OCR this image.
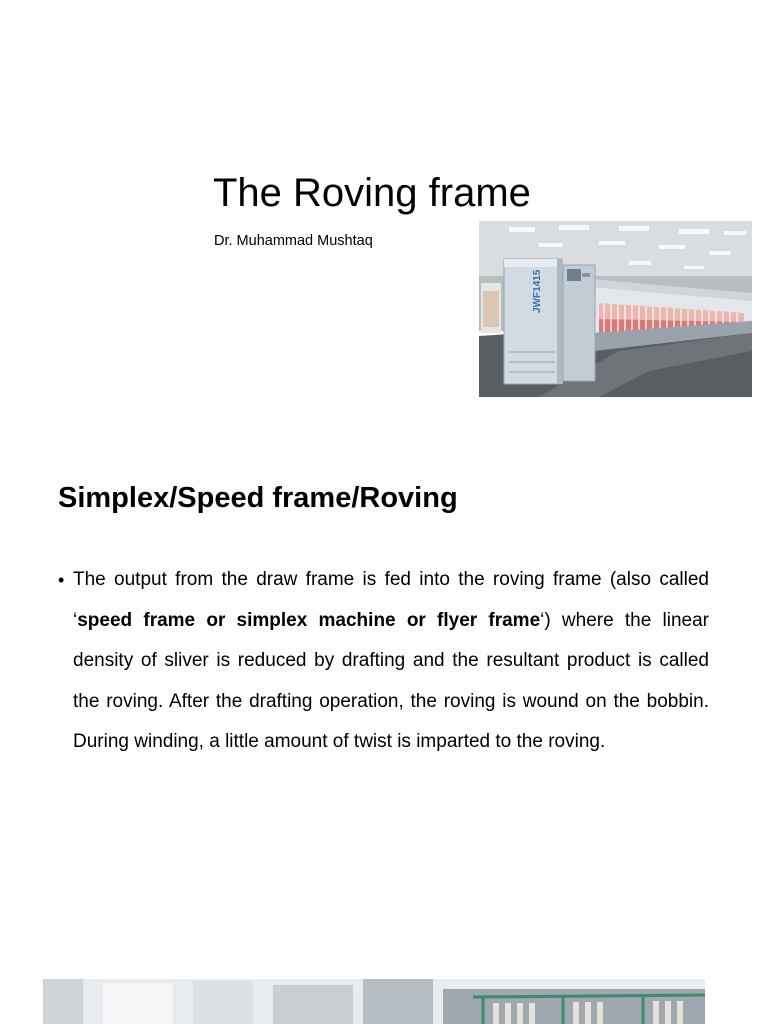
The Roving frame

Dr. Muhammad Mushtaq

JWF1415
Simplex/Speed frame/Roving
• The output from the draw frame is fed into the roving frame (also called ‘speed frame or simplex machine or flyer frame‘) where the linear density of sliver is reduced by drafting and the resultant product is called the roving. After the drafting operation, the roving is wound on the bobbin. During winding, a little amount of twist is imparted to the roving.
